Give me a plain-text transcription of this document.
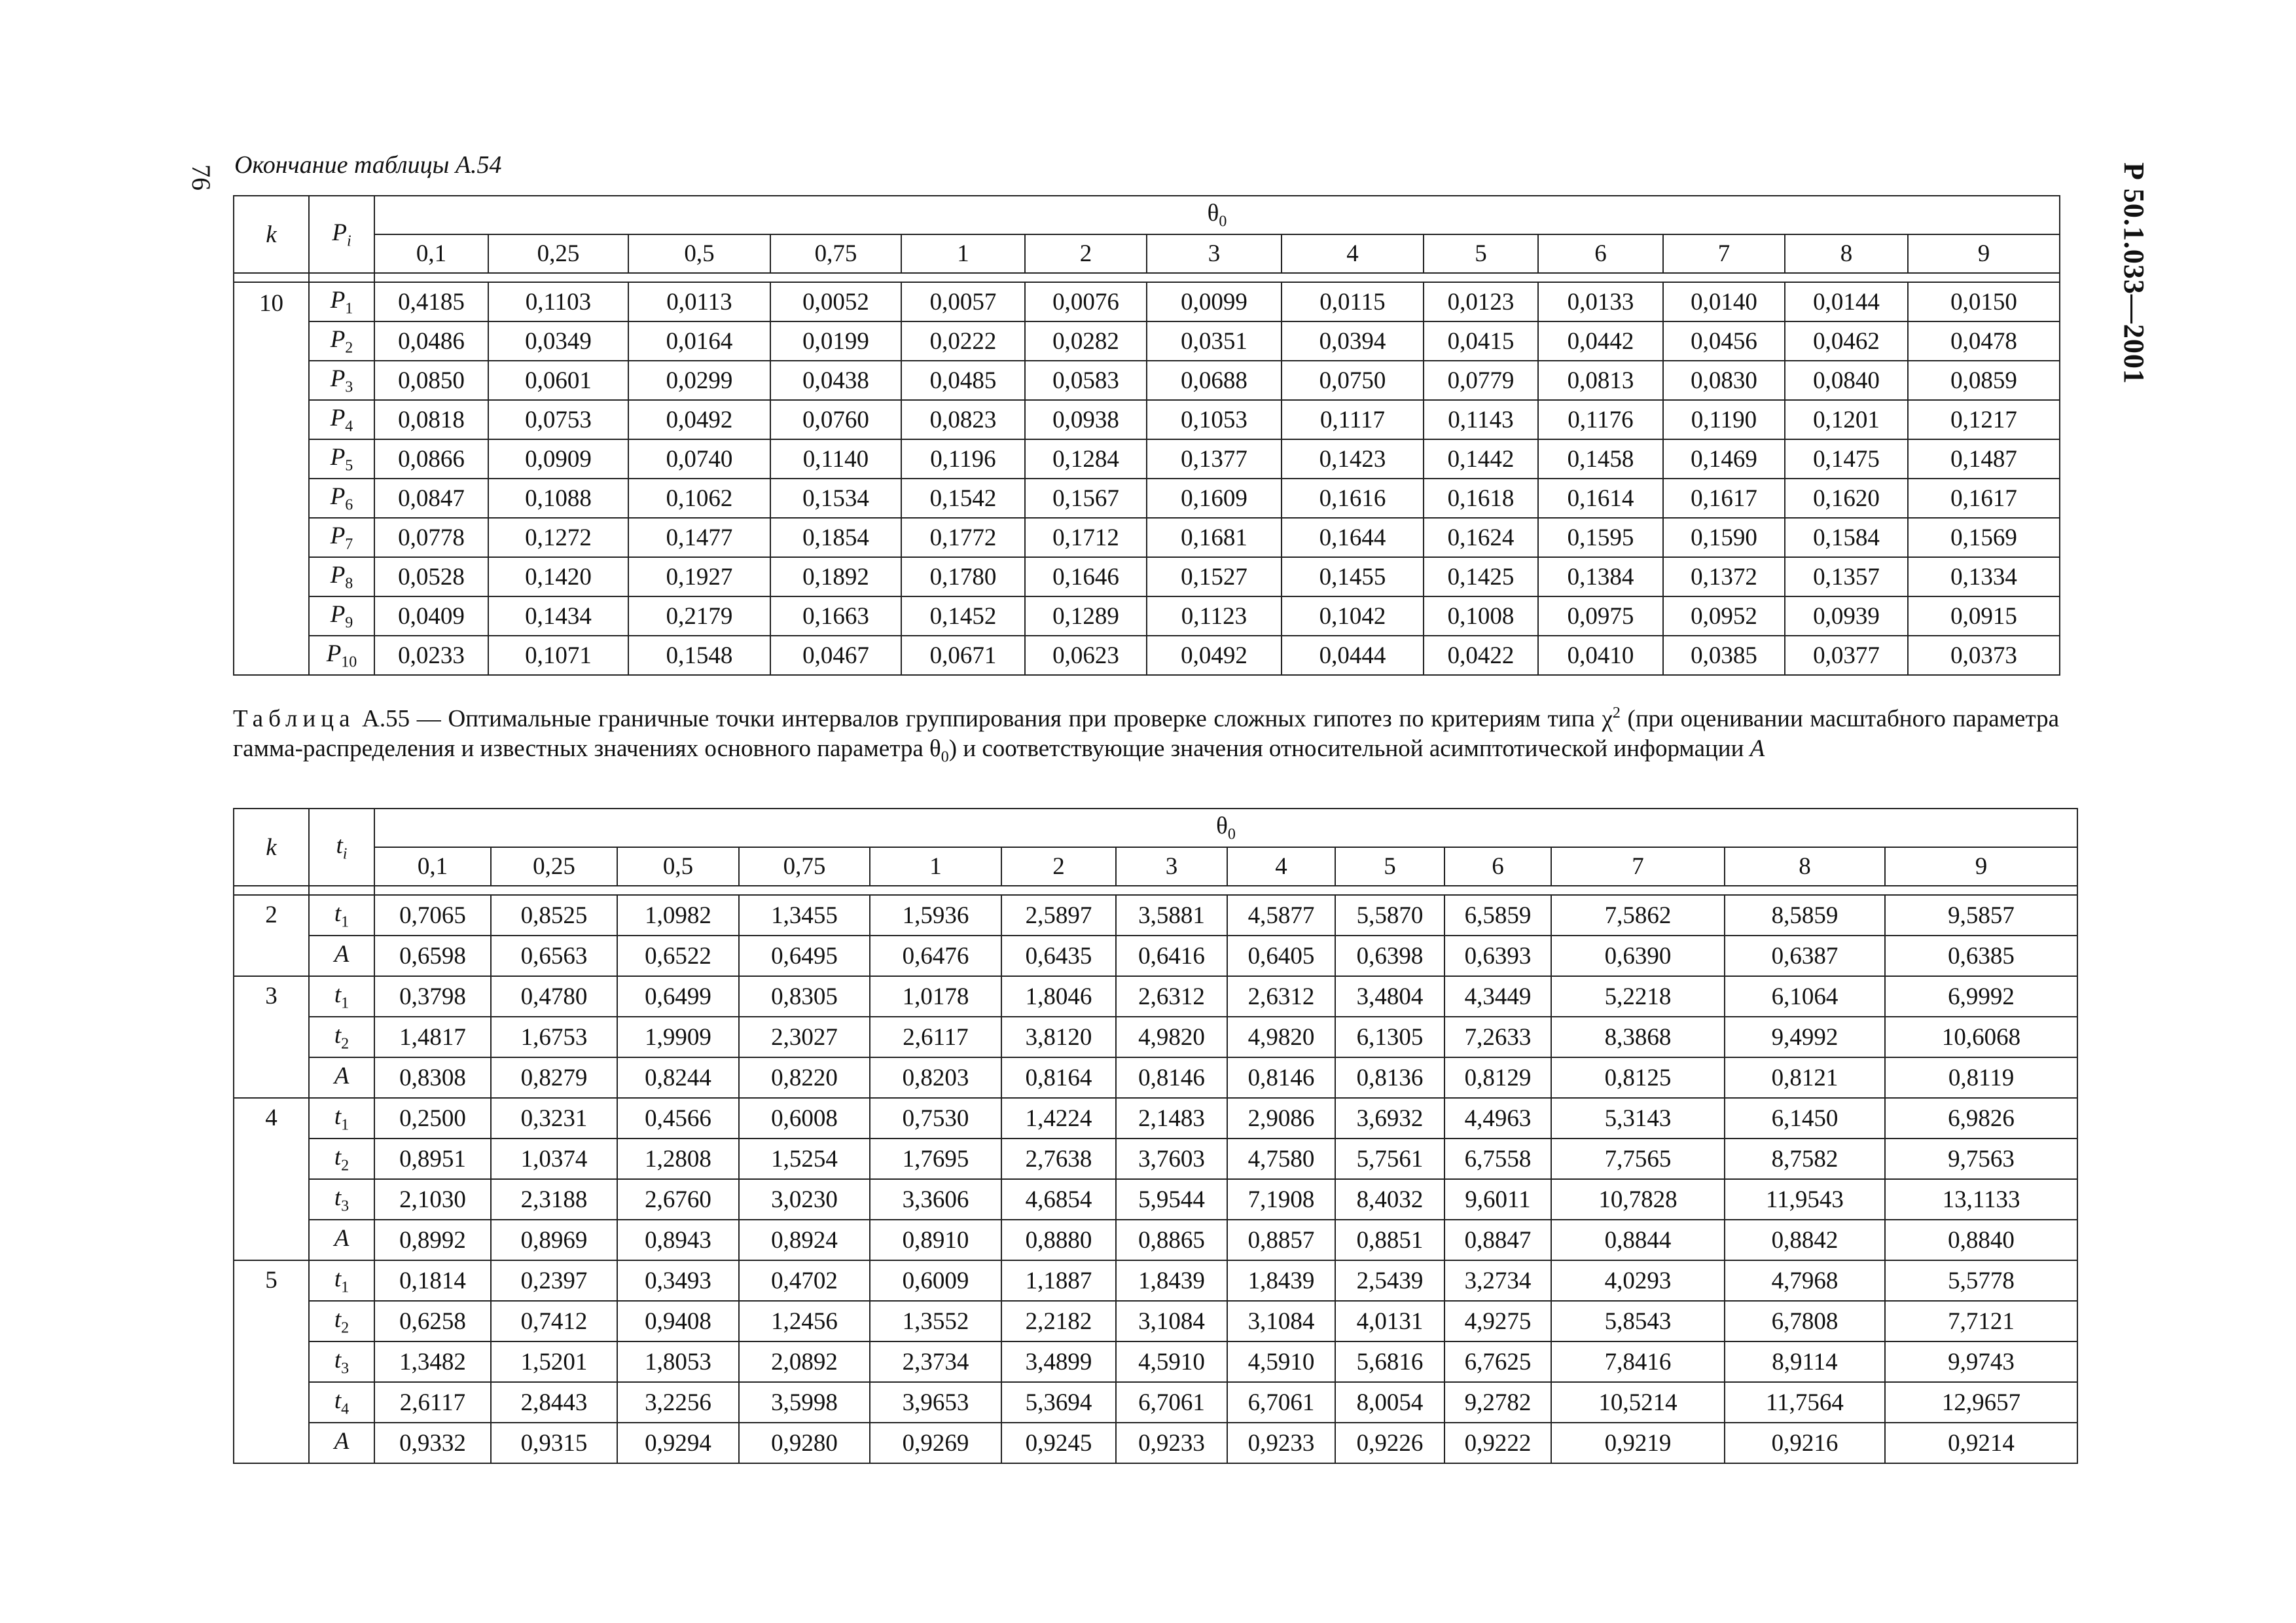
76	Р 50.1.033—2001
Окончание таблицы А.54
k	$P_i$	$\theta_0$
		0,1	0,25	0,5	0,75	1	2	3	4	5	6	7	8	9

10	$P_1$	0,4185	0,1103	0,0113	0,0052	0,0057	0,0076	0,0099	0,0115	0,0123	0,0133	0,0140	0,0144	0,0150
	$P_2$	0,0486	0,0349	0,0164	0,0199	0,0222	0,0282	0,0351	0,0394	0,0415	0,0442	0,0456	0,0462	0,0478
	$P_3$	0,0850	0,0601	0,0299	0,0438	0,0485	0,0583	0,0688	0,0750	0,0779	0,0813	0,0830	0,0840	0,0859
	$P_4$	0,0818	0,0753	0,0492	0,0760	0,0823	0,0938	0,1053	0,1117	0,1143	0,1176	0,1190	0,1201	0,1217
	$P_5$	0,0866	0,0909	0,0740	0,1140	0,1196	0,1284	0,1377	0,1423	0,1442	0,1458	0,1469	0,1475	0,1487
	$P_6$	0,0847	0,1088	0,1062	0,1534	0,1542	0,1567	0,1609	0,1616	0,1618	0,1614	0,1617	0,1620	0,1617
	$P_7$	0,0778	0,1272	0,1477	0,1854	0,1772	0,1712	0,1681	0,1644	0,1624	0,1595	0,1590	0,1584	0,1569
	$P_8$	0,0528	0,1420	0,1927	0,1892	0,1780	0,1646	0,1527	0,1455	0,1425	0,1384	0,1372	0,1357	0,1334
	$P_9$	0,0409	0,1434	0,2179	0,1663	0,1452	0,1289	0,1123	0,1042	0,1008	0,0975	0,0952	0,0939	0,0915
	$P_{10}$	0,0233	0,1071	0,1548	0,0467	0,0671	0,0623	0,0492	0,0444	0,0422	0,0410	0,0385	0,0377	0,0373
Таблица А.55 — Оптимальные граничные точки интервалов группирования при проверке сложных гипотез по критериям типа $\chi^2$ (при оценивании масштабного параметра гамма-распределения и известных значениях основного параметра $\theta_0$) и соответствующие значения относительной асимптотической информации А
k	$t_i$	$\theta_0$
		0,1	0,25	0,5	0,75	1	2	3	4	5	6	7	8	9

2	$t_1$	0,7065	0,8525	1,0982	1,3455	1,5936	2,5897	3,5881	4,5877	5,5870	6,5859	7,5862	8,5859	9,5857
	А	0,6598	0,6563	0,6522	0,6495	0,6476	0,6435	0,6416	0,6405	0,6398	0,6393	0,6390	0,6387	0,6385
3	$t_1$	0,3798	0,4780	0,6499	0,8305	1,0178	1,8046	2,6312	2,6312	3,4804	4,3449	5,2218	6,1064	6,9992
	$t_2$	1,4817	1,6753	1,9909	2,3027	2,6117	3,8120	4,9820	4,9820	6,1305	7,2633	8,3868	9,4992	10,6068
	А	0,8308	0,8279	0,8244	0,8220	0,8203	0,8164	0,8146	0,8146	0,8136	0,8129	0,8125	0,8121	0,8119
4	$t_1$	0,2500	0,3231	0,4566	0,6008	0,7530	1,4224	2,1483	2,9086	3,6932	4,4963	5,3143	6,1450	6,9826
	$t_2$	0,8951	1,0374	1,2808	1,5254	1,7695	2,7638	3,7603	4,7580	5,7561	6,7558	7,7565	8,7582	9,7563
	$t_3$	2,1030	2,3188	2,6760	3,0230	3,3606	4,6854	5,9544	7,1908	8,4032	9,6011	10,7828	11,9543	13,1133
	А	0,8992	0,8969	0,8943	0,8924	0,8910	0,8880	0,8865	0,8857	0,8851	0,8847	0,8844	0,8842	0,8840
5	$t_1$	0,1814	0,2397	0,3493	0,4702	0,6009	1,1887	1,8439	1,8439	2,5439	3,2734	4,0293	4,7968	5,5778
	$t_2$	0,6258	0,7412	0,9408	1,2456	1,3552	2,2182	3,1084	3,1084	4,0131	4,9275	5,8543	6,7808	7,7121
	$t_3$	1,3482	1,5201	1,8053	2,0892	2,3734	3,4899	4,5910	4,5910	5,6816	6,7625	7,8416	8,9114	9,9743
	$t_4$	2,6117	2,8443	3,2256	3,5998	3,9653	5,3694	6,7061	6,7061	8,0054	9,2782	10,5214	11,7564	12,9657
	А	0,9332	0,9315	0,9294	0,9280	0,9269	0,9245	0,9233	0,9233	0,9226	0,9222	0,9219	0,9216	0,9214
